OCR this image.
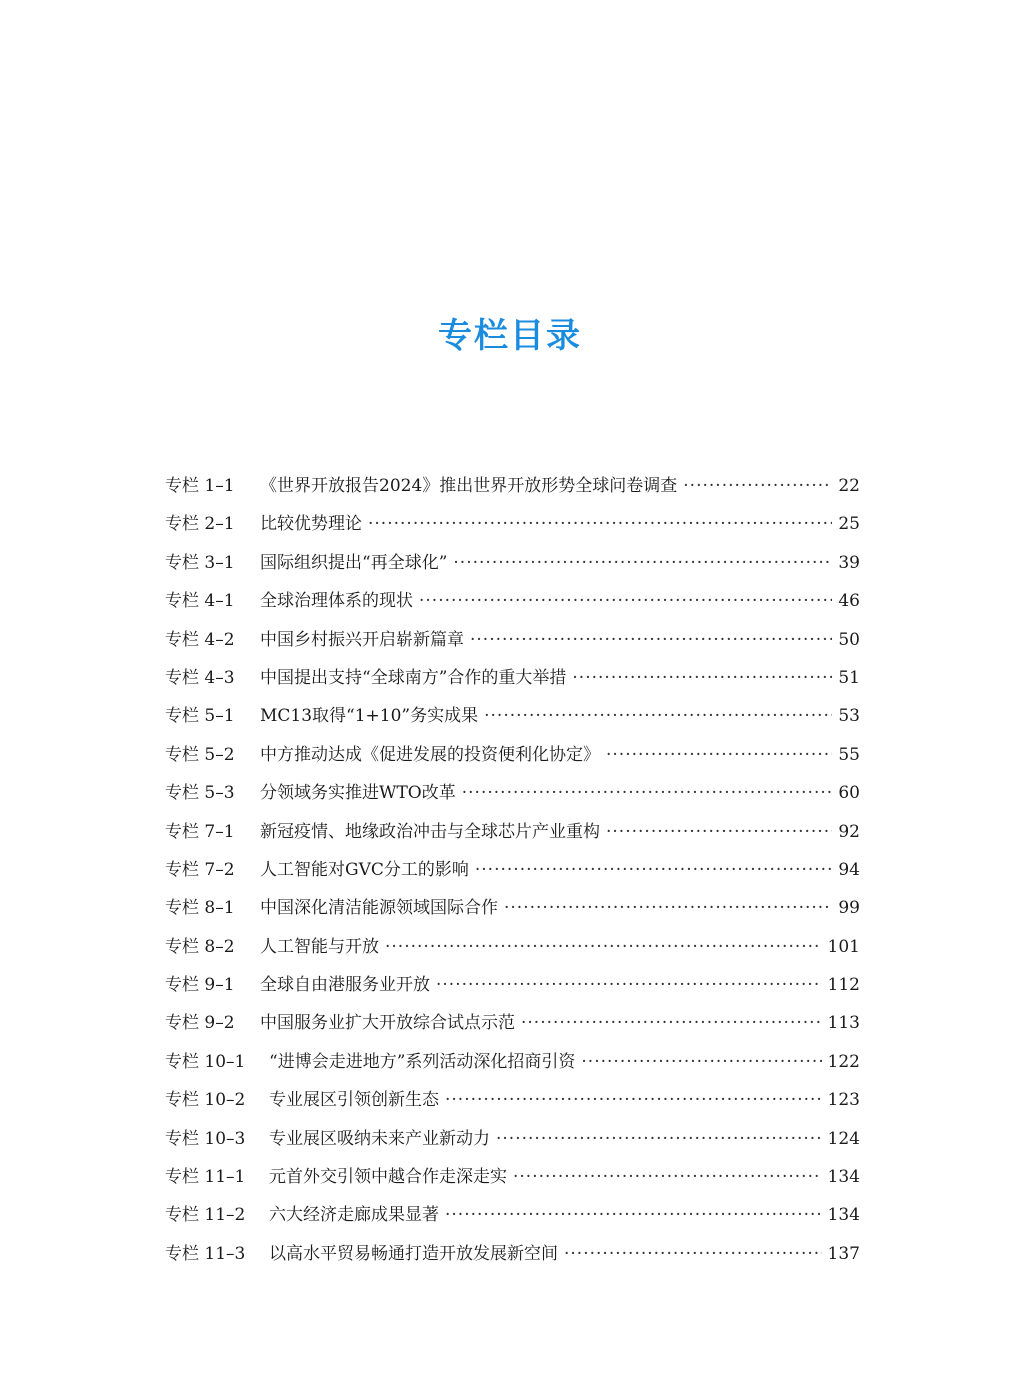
专栏目录
专栏 1–1	《世界开放报告2024》推出世界开放形势全球问卷调查 ·····	22
专栏 2–1	比较优势理论 ·····	25
专栏 3–1	国际组织提出“再全球化” ·····	39
专栏 4–1	全球治理体系的现状 ·····	46
专栏 4–2	中国乡村振兴开启崭新篇章 ·····	50
专栏 4–3	中国提出支持“全球南方”合作的重大举措 ·····	51
专栏 5–1	MC13取得“1+10”务实成果 ·····	53
专栏 5–2	中方推动达成《促进发展的投资便利化协定》 ·····	55
专栏 5–3	分领域务实推进WTO改革 ·····	60
专栏 7–1	新冠疫情、地缘政治冲击与全球芯片产业重构 ·····	92
专栏 7–2	人工智能对GVC分工的影响 ·····	94
专栏 8–1	中国深化清洁能源领域国际合作 ·····	99
专栏 8–2	人工智能与开放 ·····	101
专栏 9–1	全球自由港服务业开放 ·····	112
专栏 9–2	中国服务业扩大开放综合试点示范 ·····	113
专栏 10–1	“进博会走进地方”系列活动深化招商引资 ·····	122
专栏 10–2	专业展区引领创新生态 ·····	123
专栏 10–3	专业展区吸纳未来产业新动力 ·····	124
专栏 11–1	元首外交引领中越合作走深走实 ·····	134
专栏 11–2	六大经济走廊成果显著 ·····	134
专栏 11–3	以高水平贸易畅通打造开放发展新空间 ·····	137
